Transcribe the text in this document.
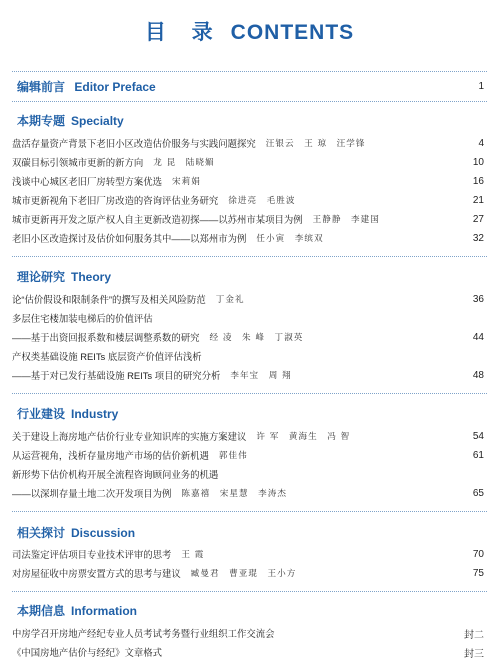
目 录 CONTENTS
编辑前言 Editor Preface	1
本期专题 Specialty
盘活存量资产背景下老旧小区改造估价服务与实践问题探究 汪银云　王 琼　汪学锋	4
双碳目标引领城市更新的新方向 龙 昆　陆晓媚	10
浅谈中心城区老旧厂房转型方案优选 宋莉娟	16
城市更新视角下老旧厂房改造的咨询评估业务研究 徐进亮　毛胜波	21
城市更新再开发之原产权人自主更新改造初探——以苏州市某项目为例 王静静　李建国	27
老旧小区改造探讨及估价如何服务其中——以郑州市为例 任小寅　李缤双	32
理论研究 Theory
论“估价假设和限制条件”的撰写及相关风险防范 丁金礼	36
多层住宅楼加装电梯后的价值评估
——基于出资回报系数和楼层调整系数的研究 经 凌　朱 峰　丁淑英	44
产权类基础设施 REITs 底层资产价值评估浅析
——基于对已发行基础设施 REITs 项目的研究分析 李年宝　周 翔	48
行业建设 Industry
关于建设上海房地产估价行业专业知识库的实施方案建议 许 军　黄海生　冯 智	54
从运营视角，浅析存量房地产市场的估价新机遇 郭佳伟	61
新形势下估价机构开展全流程咨询顾问业务的机遇
——以深圳存量土地二次开发项目为例 陈嘉禧　宋星慧　李涛杰	65
相关探讨 Discussion
司法鉴定评估项目专业技术评审的思考 王 霞	70
对房屋征收中房票安置方式的思考与建议 臧曼君　曹亚琨　王小方	75
本期信息 Information
中房学召开房地产经纪专业人员考试考务暨行业组织工作交流会	封二
《中国房地产估价与经纪》文章格式	封三
